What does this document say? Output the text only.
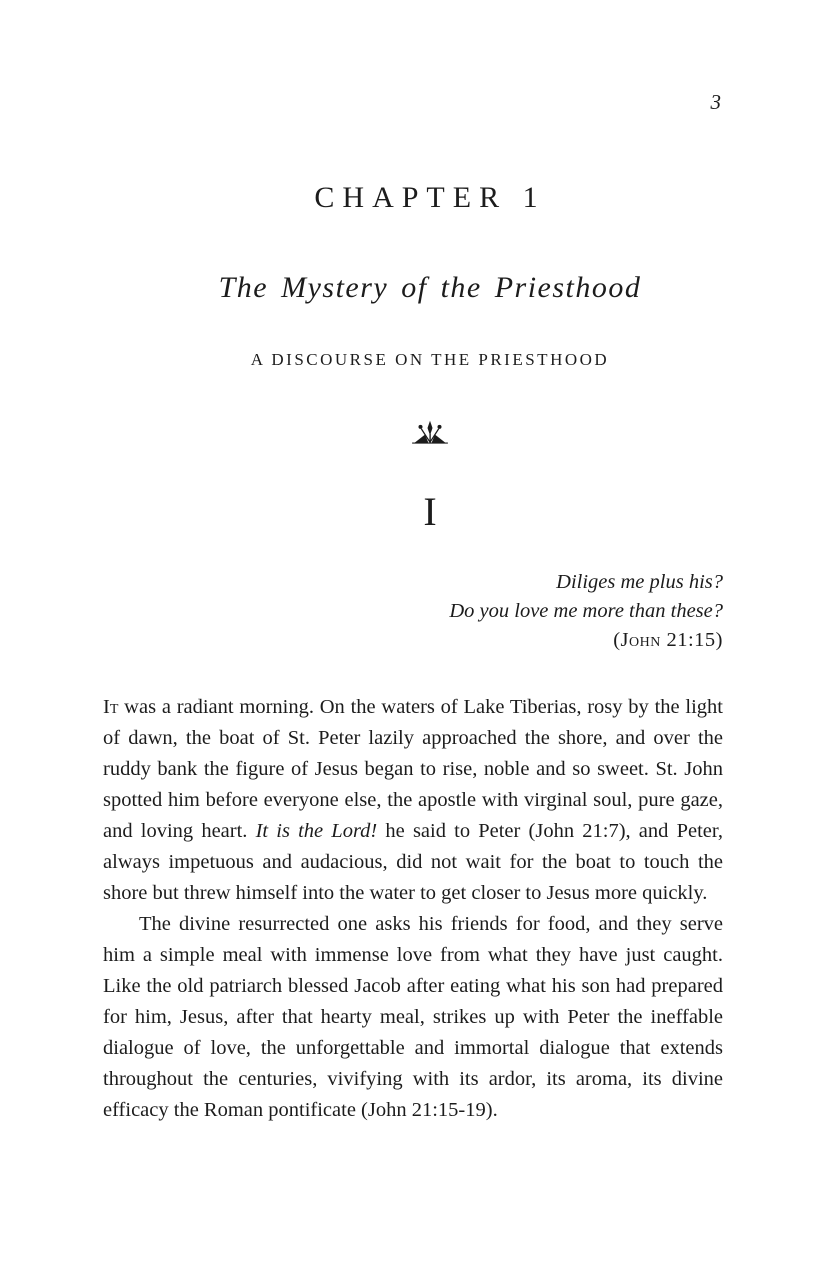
3
CHAPTER 1
The Mystery of the Priesthood
A DISCOURSE ON THE PRIESTHOOD
I
Diliges me plus his?
Do you love me more than these?
(John 21:15)

It was a radiant morning. On the waters of Lake Tiberias, rosy by the light of dawn, the boat of St. Peter lazily approached the shore, and over the ruddy bank the figure of Jesus began to rise, noble and so sweet. St. John spotted him before everyone else, the apostle with virginal soul, pure gaze, and loving heart. It is the Lord! he said to Peter (John 21:7), and Peter, always impetuous and audacious, did not wait for the boat to touch the shore but threw himself into the water to get closer to Jesus more quickly.

The divine resurrected one asks his friends for food, and they serve him a simple meal with immense love from what they have just caught. Like the old patriarch blessed Jacob after eating what his son had prepared for him, Jesus, after that hearty meal, strikes up with Peter the ineffable dialogue of love, the unforgettable and immortal dialogue that extends throughout the centuries, vivifying with its ardor, its aroma, its divine efficacy the Roman pontificate (John 21:15-19).
